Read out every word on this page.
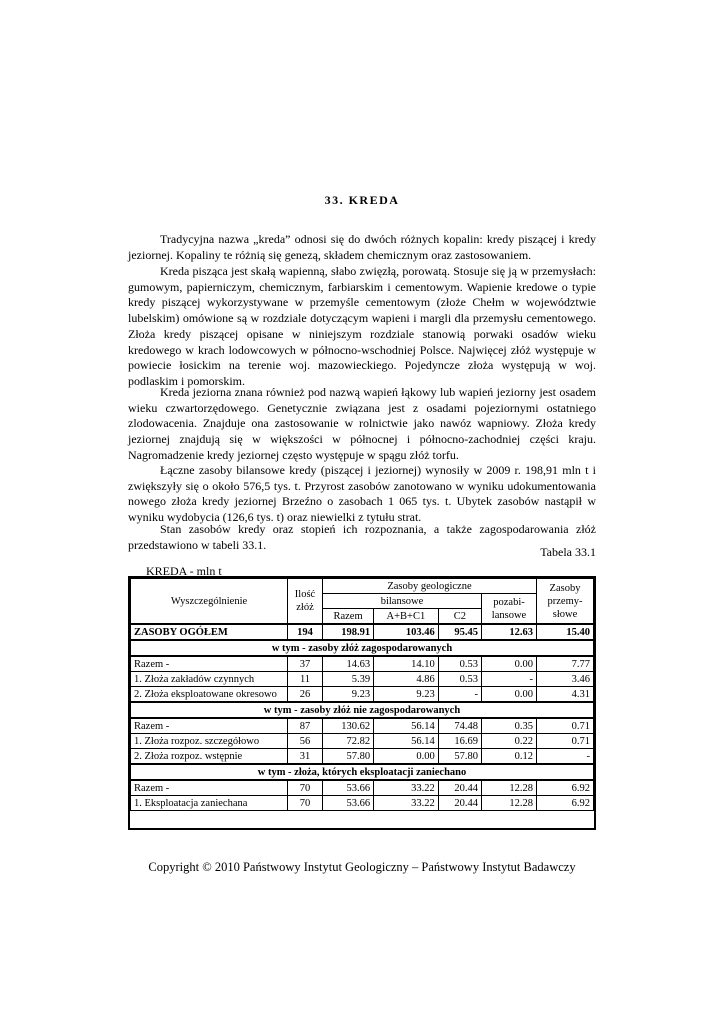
33. KREDA

Tradycyjna nazwa „kreda” odnosi się do dwóch różnych kopalin: kredy piszącej i kredy jeziornej. Kopaliny te różnią się genezą, składem chemicznym oraz zastosowaniem.

Kreda pisząca jest skałą wapienną, słabo zwięzłą, porowatą. Stosuje się ją w przemysłach: gumowym, papierniczym, chemicznym, farbiarskim i cementowym. Wapienie kredowe o typie kredy piszącej wykorzystywane w przemyśle cementowym (złoże Chełm w województwie lubelskim) omówione są w rozdziale dotyczącym wapieni i margli dla przemysłu cementowego. Złoża kredy piszącej opisane w niniejszym rozdziale stanowią porwaki osadów wieku kredowego w krach lodowcowych w północno-wschodniej Polsce. Najwięcej złóż występuje w powiecie łosickim na terenie woj. mazowieckiego. Pojedyncze złoża występują w woj. podlaskim i pomorskim.

Kreda jeziorna znana również pod nazwą wapień łąkowy lub wapień jeziorny jest osadem wieku czwartorzędowego. Genetycznie związana jest z osadami pojeziornymi ostatniego zlodowacenia. Znajduje ona zastosowanie w rolnictwie jako nawóz wapniowy. Złoża kredy jeziornej znajdują się w większości w północnej i północno-zachodniej części kraju. Nagromadzenie kredy jeziornej często występuje w spągu złóż torfu.

Łączne zasoby bilansowe kredy (piszącej i jeziornej) wynosiły w 2009 r. 198,91 mln t i zwiększyły się o około 576,5 tys. t. Przyrost zasobów zanotowano w wyniku udokumentowania nowego złoża kredy jeziornej Brzeźno o zasobach 1 065 tys. t. Ubytek zasobów nastąpił w wyniku wydobycia (126,6 tys. t) oraz niewielki z tytułu strat.

Stan zasobów kredy oraz stopień ich rozpoznania, a także zagospodarowania złóż przedstawiono w tabeli 33.1.

Tabela 33.1
KREDA - mln t
Wyszczególnienie	Ilość złóż	Zasoby geologiczne				Zasoby przemy-słowe
		bilansowe			pozabi-lansowe	
		Razem	A+B+C1	C2		
ZASOBY OGÓŁEM	194	198.91	103.46	95.45	12.63	15.40
w tym - zasoby złóż zagospodarowanych						
Razem -	37	14.63	14.10	0.53	0.00	7.77
1. Złoża zakładów czynnych	11	5.39	4.86	0.53	-	3.46
2. Złoża eksploatowane okresowo	26	9.23	9.23	-	0.00	4.31
w tym - zasoby złóż nie zagospodarowanych						
Razem -	87	130.62	56.14	74.48	0.35	0.71
1. Złoża rozpoz. szczegółowo	56	72.82	56.14	16.69	0.22	0.71
2. Złoża rozpoz. wstępnie	31	57.80	0.00	57.80	0.12	-
w tym - złoża, których eksploatacji zaniechano						
Razem -	70	53.66	33.22	20.44	12.28	6.92
1. Eksploatacja zaniechana	70	53.66	33.22	20.44	12.28	6.92
Copyright © 2010 Państwowy Instytut Geologiczny – Państwowy Instytut Badawczy
